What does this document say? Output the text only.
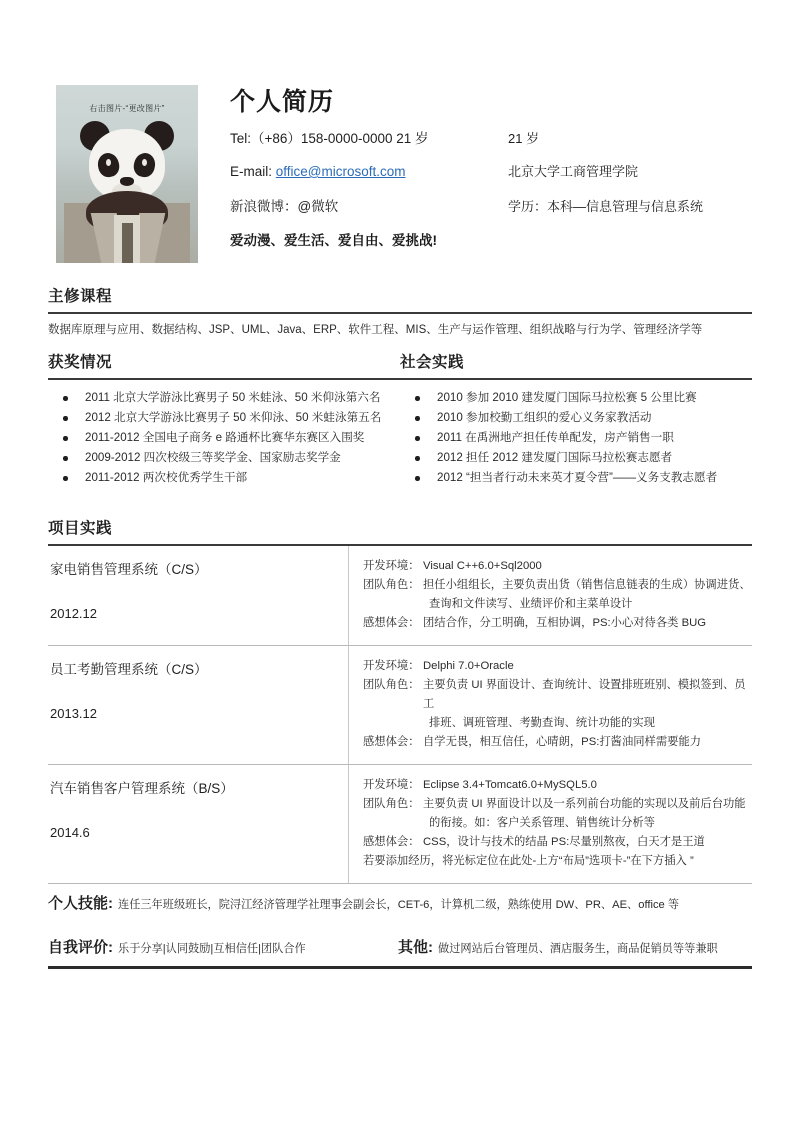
右击图片-“更改图片”	个人简历
Tel:（+86）158-0000-0000 21 岁	21 岁
E-mail: office@microsoft.com	北京大学工商管理学院
新浪微博：@微软	学历：本科—信息管理与信息系统
爱动漫、爱生活、爱自由、爱挑战!
主修课程
数据库原理与应用、数据结构、JSP、UML、Java、ERP、软件工程、MIS、生产与运作管理、组织战略与行为学、管理经济学等
获奖情况
2011 北京大学游泳比赛男子 50 米蛙泳、50 米仰泳第六名
2012 北京大学游泳比赛男子 50 米仰泳、50 米蛙泳第五名
2011-2012 全国电子商务 e 路通杯比赛华东赛区入围奖
2009-2012 四次校级三等奖学金、国家励志奖学金
2011-2012 两次校优秀学生干部
社会实践
2010 参加 2010 建发厦门国际马拉松赛 5 公里比赛
2010 参加校勤工组织的爱心义务家教活动
2011 在禹洲地产担任传单配发，房产销售一职
2012 担任 2012 建发厦门国际马拉松赛志愿者
2012 “担当者行动未来英才夏令营”——义务支教志愿者
项目实践
家电销售管理系统（C/S）
2012.12

开发环境： Visual C++6.0+Sql2000
团队角色： 担任小组组长，主要负责出货（销售信息链表的生成）协调进货、
查询和文件读写、业绩评价和主菜单设计
感想体会： 团结合作，分工明确，互相协调，PS:小心对待各类 BUG

员工考勤管理系统（C/S）
2013.12

开发环境： Delphi 7.0+Oracle
团队角色： 主要负责 UI 界面设计、查询统计、设置排班班别、模拟签到、员工
排班、调班管理、考勤查询、统计功能的实现
感想体会： 自学无畏，相互信任，心晴朗，PS:打酱油同样需要能力

汽车销售客户管理系统（B/S）
2014.6

开发环境： Eclipse 3.4+Tomcat6.0+MySQL5.0
团队角色： 主要负责 UI 界面设计以及一系列前台功能的实现以及前后台功能
的衔接。如：客户关系管理、销售统计分析等
感想体会： CSS，设计与技术的结晶 PS:尽量别熬夜，白天才是王道
若要添加经历，将光标定位在此处-上方“布局”选项卡-”在下方插入 ”
个人技能: 连任三年班级班长，院浔江经济管理学社理事会副会长，CET-6，计算机二级，熟练使用 DW、PR、AE、office 等
自我评价: 乐于分享|认同鼓励|互相信任|团队合作	其他: 做过网站后台管理员、酒店服务生，商品促销员等等兼职
